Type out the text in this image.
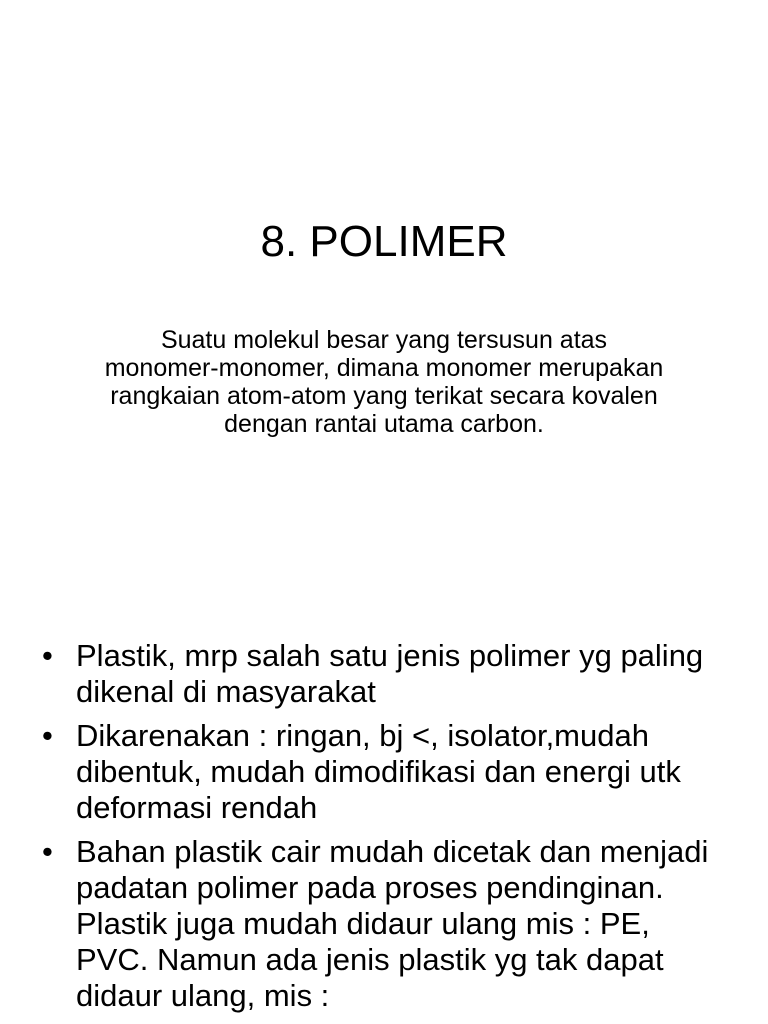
8. POLIMER

Suatu molekul besar yang tersusun atas monomer-monomer, dimana monomer merupakan rangkaian atom-atom yang terikat secara kovalen dengan rantai utama carbon.

• Plastik, mrp salah satu jenis polimer yg paling dikenal di masyarakat
• Dikarenakan : ringan, bj <, isolator,mudah dibentuk, mudah dimodifikasi dan energi utk deformasi rendah
• Bahan plastik cair mudah dicetak dan menjadi padatan polimer pada proses pendinginan. Plastik juga mudah didaur ulang mis : PE, PVC. Namun ada jenis plastik yg tak dapat didaur ulang, mis :
